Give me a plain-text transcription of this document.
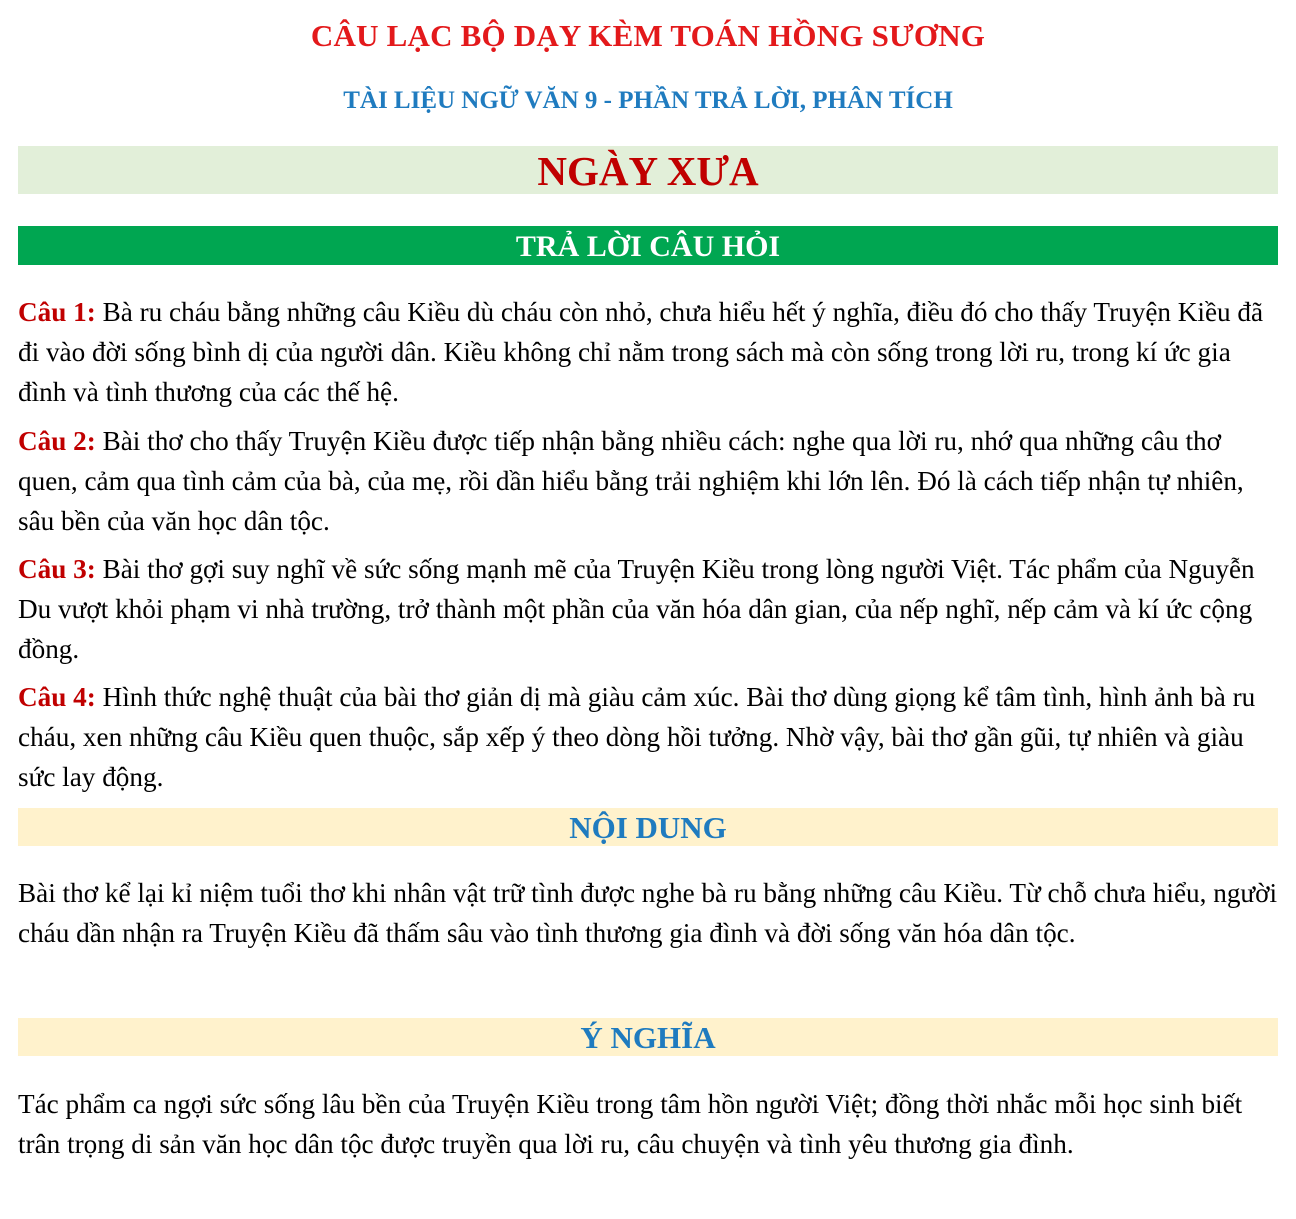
CÂU LẠC BỘ DẠY KÈM TOÁN HỒNG SƯƠNG
TÀI LIỆU NGỮ VĂN 9 - PHẦN TRẢ LỜI, PHÂN TÍCH
NGÀY XƯA
TRẢ LỜI CÂU HỎI

Câu 1: Bà ru cháu bằng những câu Kiều dù cháu còn nhỏ, chưa hiểu hết ý nghĩa, điều đó cho thấy Truyện Kiều đã đi vào đời sống bình dị của người dân. Kiều không chỉ nằm trong sách mà còn sống trong lời ru, trong kí ức gia đình và tình thương của các thế hệ.

Câu 2: Bài thơ cho thấy Truyện Kiều được tiếp nhận bằng nhiều cách: nghe qua lời ru, nhớ qua những câu thơ quen, cảm qua tình cảm của bà, của mẹ, rồi dần hiểu bằng trải nghiệm khi lớn lên. Đó là cách tiếp nhận tự nhiên, sâu bền của văn học dân tộc.

Câu 3: Bài thơ gợi suy nghĩ về sức sống mạnh mẽ của Truyện Kiều trong lòng người Việt. Tác phẩm của Nguyễn Du vượt khỏi phạm vi nhà trường, trở thành một phần của văn hóa dân gian, của nếp nghĩ, nếp cảm và kí ức cộng đồng.

Câu 4: Hình thức nghệ thuật của bài thơ giản dị mà giàu cảm xúc. Bài thơ dùng giọng kể tâm tình, hình ảnh bà ru cháu, xen những câu Kiều quen thuộc, sắp xếp ý theo dòng hồi tưởng. Nhờ vậy, bài thơ gần gũi, tự nhiên và giàu sức lay động.

NỘI DUNG

Bài thơ kể lại kỉ niệm tuổi thơ khi nhân vật trữ tình được nghe bà ru bằng những câu Kiều. Từ chỗ chưa hiểu, người cháu dần nhận ra Truyện Kiều đã thấm sâu vào tình thương gia đình và đời sống văn hóa dân tộc.

Ý NGHĨA

Tác phẩm ca ngợi sức sống lâu bền của Truyện Kiều trong tâm hồn người Việt; đồng thời nhắc mỗi học sinh biết trân trọng di sản văn học dân tộc được truyền qua lời ru, câu chuyện và tình yêu thương gia đình.
